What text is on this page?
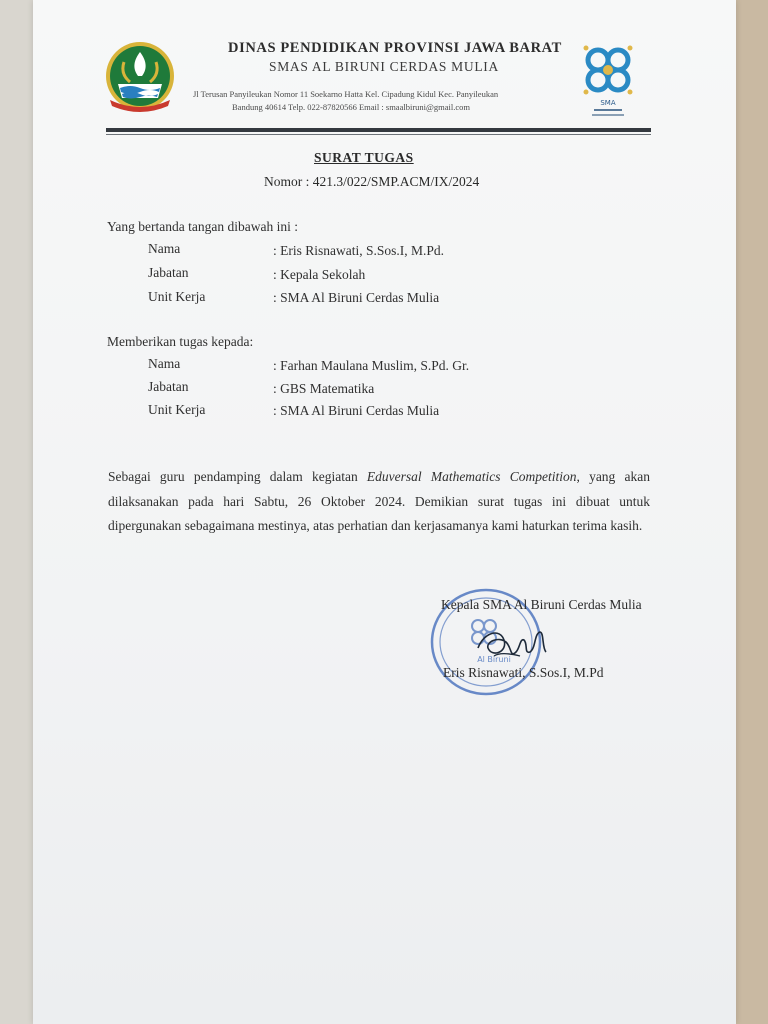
SMA
DINAS PENDIDIKAN PROVINSI JAWA BARAT
SMAS AL BIRUNI CERDAS MULIA
Jl Terusan Panyileukan Nomor 11 Soekarno Hatta Kel. Cipadung Kidul Kec. Panyileukan
Bandung 40614 Telp. 022-87820566 Email : smaalbiruni@gmail.com
SURAT TUGAS
Nomor : 421.3/022/SMP.ACM/IX/2024
Yang bertanda tangan dibawah ini :
Nama	: Eris Risnawati, S.Sos.I, M.Pd.
Jabatan	: Kepala Sekolah
Unit Kerja	: SMA Al Biruni Cerdas Mulia
Memberikan tugas kepada:
Nama	: Farhan Maulana Muslim, S.Pd. Gr.
Jabatan	: GBS Matematika
Unit Kerja	: SMA Al Biruni Cerdas Mulia
Sebagai guru pendamping dalam kegiatan Eduversal Mathematics Competition, yang akan dilaksanakan pada hari Sabtu, 26 Oktober 2024. Demikian surat tugas ini dibuat untuk dipergunakan sebagaimana mestinya, atas perhatian dan kerjasamanya kami haturkan terima kasih.
Al Biruni
Kepala SMA Al Biruni Cerdas Mulia
Eris Risnawati, S.Sos.I, M.Pd
